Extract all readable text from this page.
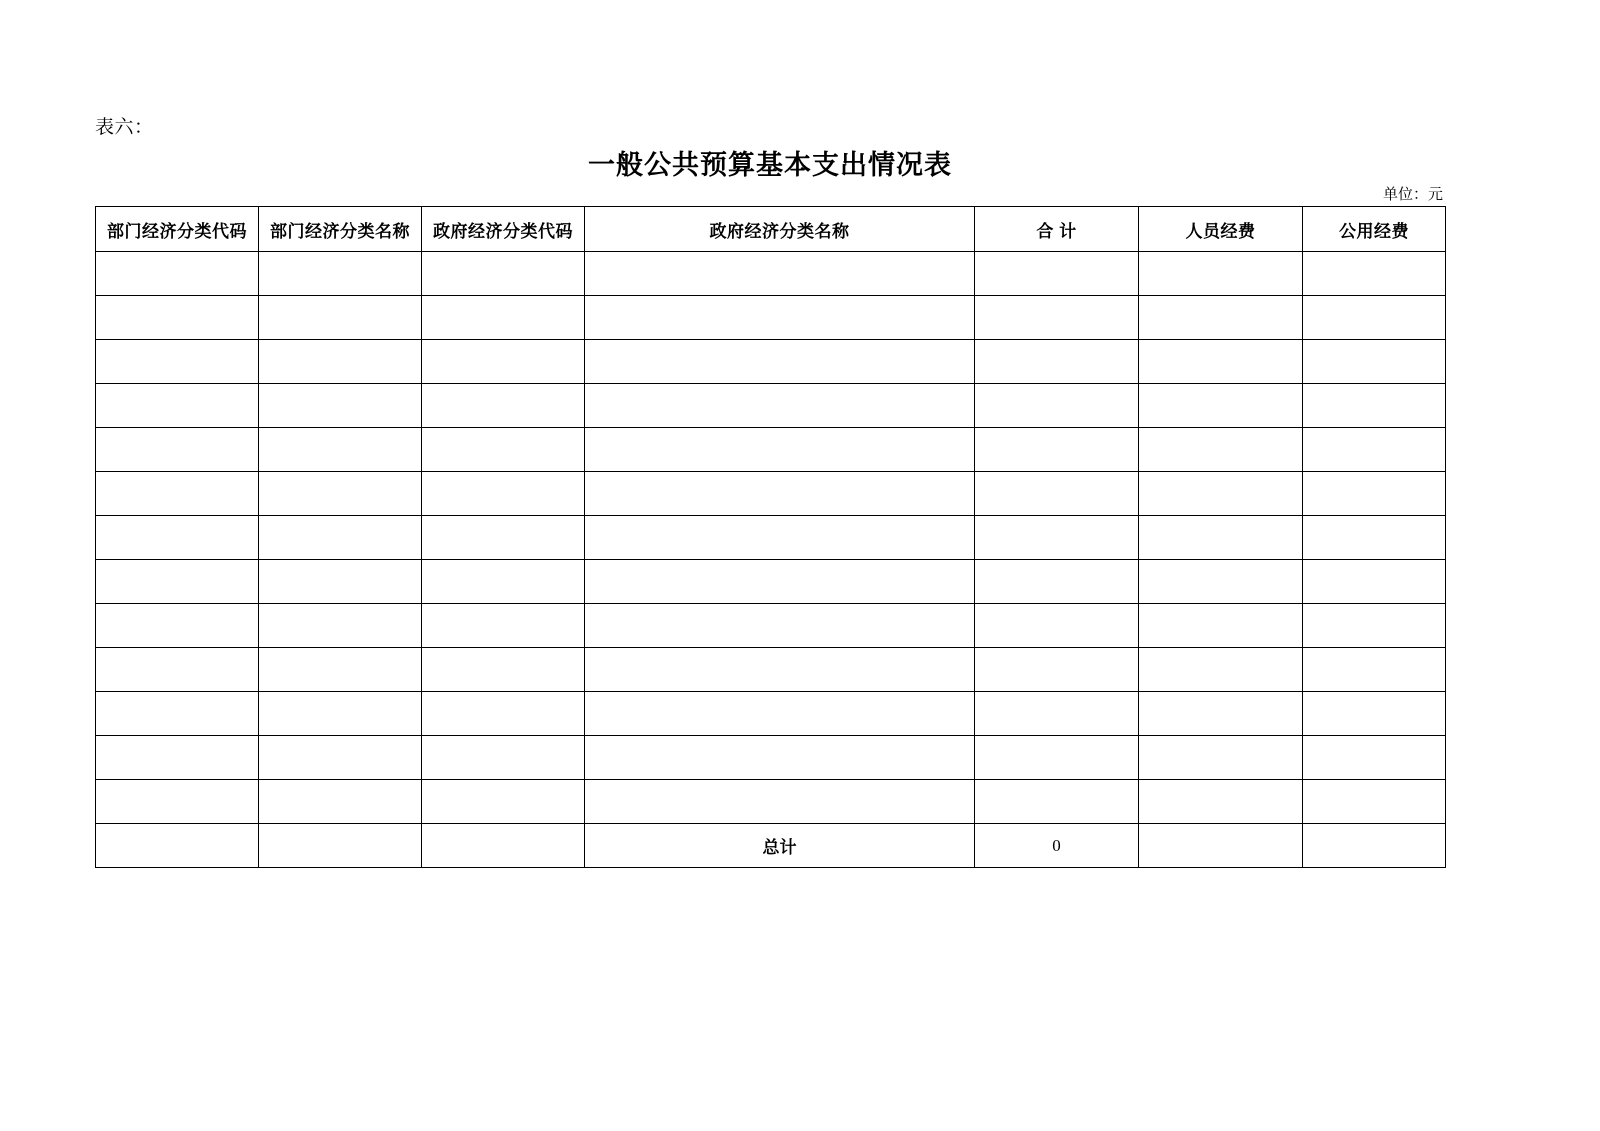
表六：
一般公共预算基本支出情况表
单位：元
部门经济分类代码	部门经济分类名称	政府经济分类代码	政府经济分类名称	合 计	人员经费	公用经费

			总计	0		
